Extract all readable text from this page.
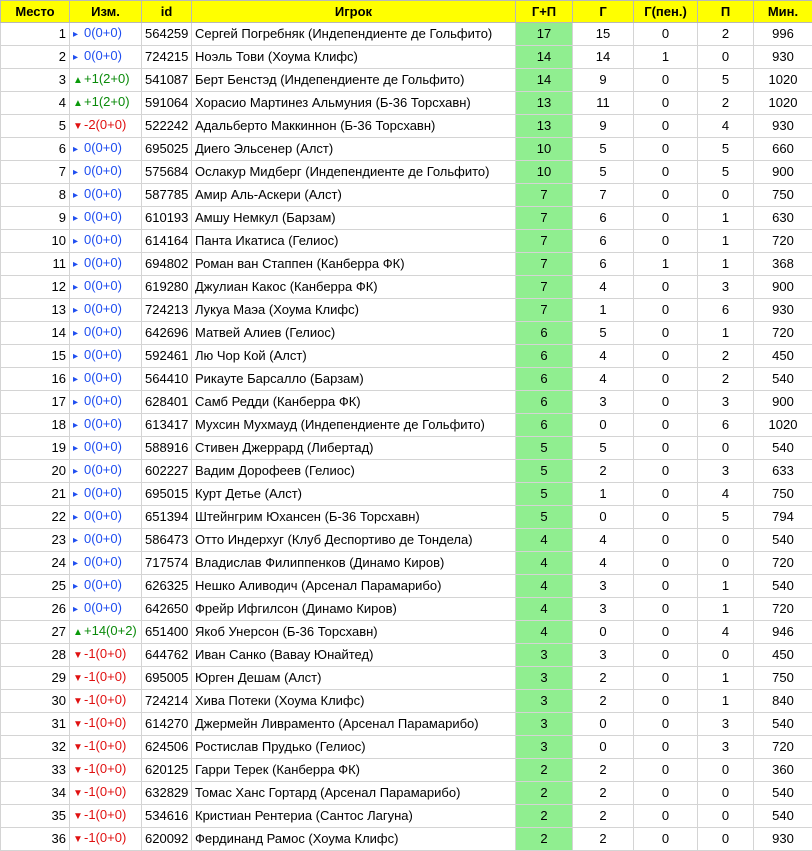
Место	Изм.	id	Игрок	Г+П	Г	Г(пен.)	П	Мин.
1	▸ 0(0+0)	564259	Сергей Погребняк (Индепендиенте де Гольфито)	17	15	0	2	996
2	▸ 0(0+0)	724215	Ноэль Тови (Хоума Клифс)	14	14	1	0	930
3	▲+1(2+0)	541087	Берт Бенстэд (Индепендиенте де Гольфито)	14	9	0	5	1020
4	▲+1(2+0)	591064	Хорасио Мартинез Альмуния (Б-36 Торсхавн)	13	11	0	2	1020
5	▼-2(0+0)	522242	Адальберто Маккиннон (Б-36 Торсхавн)	13	9	0	4	930
6	▸ 0(0+0)	695025	Диего Эльсенер (Алст)	10	5	0	5	660
7	▸ 0(0+0)	575684	Ослакур Мидберг (Индепендиенте де Гольфито)	10	5	0	5	900
8	▸ 0(0+0)	587785	Амир Аль-Аскери (Алст)	7	7	0	0	750
9	▸ 0(0+0)	610193	Амшу Немкул (Барзам)	7	6	0	1	630
10	▸ 0(0+0)	614164	Панта Икатиса (Гелиос)	7	6	0	1	720
11	▸ 0(0+0)	694802	Роман ван Стаппен (Канберра ФК)	7	6	1	1	368
12	▸ 0(0+0)	619280	Джулиан Какос (Канберра ФК)	7	4	0	3	900
13	▸ 0(0+0)	724213	Лукуа Маэа (Хоума Клифс)	7	1	0	6	930
14	▸ 0(0+0)	642696	Матвей Алиев (Гелиос)	6	5	0	1	720
15	▸ 0(0+0)	592461	Лю Чор Кой (Алст)	6	4	0	2	450
16	▸ 0(0+0)	564410	Рикауте Барсалло (Барзам)	6	4	0	2	540
17	▸ 0(0+0)	628401	Самб Редди (Канберра ФК)	6	3	0	3	900
18	▸ 0(0+0)	613417	Мухсин Мухмауд (Индепендиенте де Гольфито)	6	0	0	6	1020
19	▸ 0(0+0)	588916	Стивен Джеррард (Либертад)	5	5	0	0	540
20	▸ 0(0+0)	602227	Вадим Дорофеев (Гелиос)	5	2	0	3	633
21	▸ 0(0+0)	695015	Курт Детье (Алст)	5	1	0	4	750
22	▸ 0(0+0)	651394	Штейнгрим Юхансен (Б-36 Торсхавн)	5	0	0	5	794
23	▸ 0(0+0)	586473	Отто Индерхуг (Клуб Деспортиво де Тондела)	4	4	0	0	540
24	▸ 0(0+0)	717574	Владислав Филиппенков (Динамо Киров)	4	4	0	0	720
25	▸ 0(0+0)	626325	Нешко Аливодич (Арсенал Парамарибо)	4	3	0	1	540
26	▸ 0(0+0)	642650	Фрейр Ифгилсон (Динамо Киров)	4	3	0	1	720
27	▲+14(0+2)	651400	Якоб Унерсон (Б-36 Торсхавн)	4	0	0	4	946
28	▼-1(0+0)	644762	Иван Санко (Вавау Юнайтед)	3	3	0	0	450
29	▼-1(0+0)	695005	Юрген Дешам (Алст)	3	2	0	1	750
30	▼-1(0+0)	724214	Хива Потеки (Хоума Клифс)	3	2	0	1	840
31	▼-1(0+0)	614270	Джермейн Ливраменто (Арсенал Парамарибо)	3	0	0	3	540
32	▼-1(0+0)	624506	Ростислав Прудько (Гелиос)	3	0	0	3	720
33	▼-1(0+0)	620125	Гарри Терек (Канберра ФК)	2	2	0	0	360
34	▼-1(0+0)	632829	Томас Ханс Гортард (Арсенал Парамарибо)	2	2	0	0	540
35	▼-1(0+0)	534616	Кристиан Рентериа (Сантос Лагуна)	2	2	0	0	540
36	▼-1(0+0)	620092	Фердинанд Рамос (Хоума Клифс)	2	2	0	0	930
